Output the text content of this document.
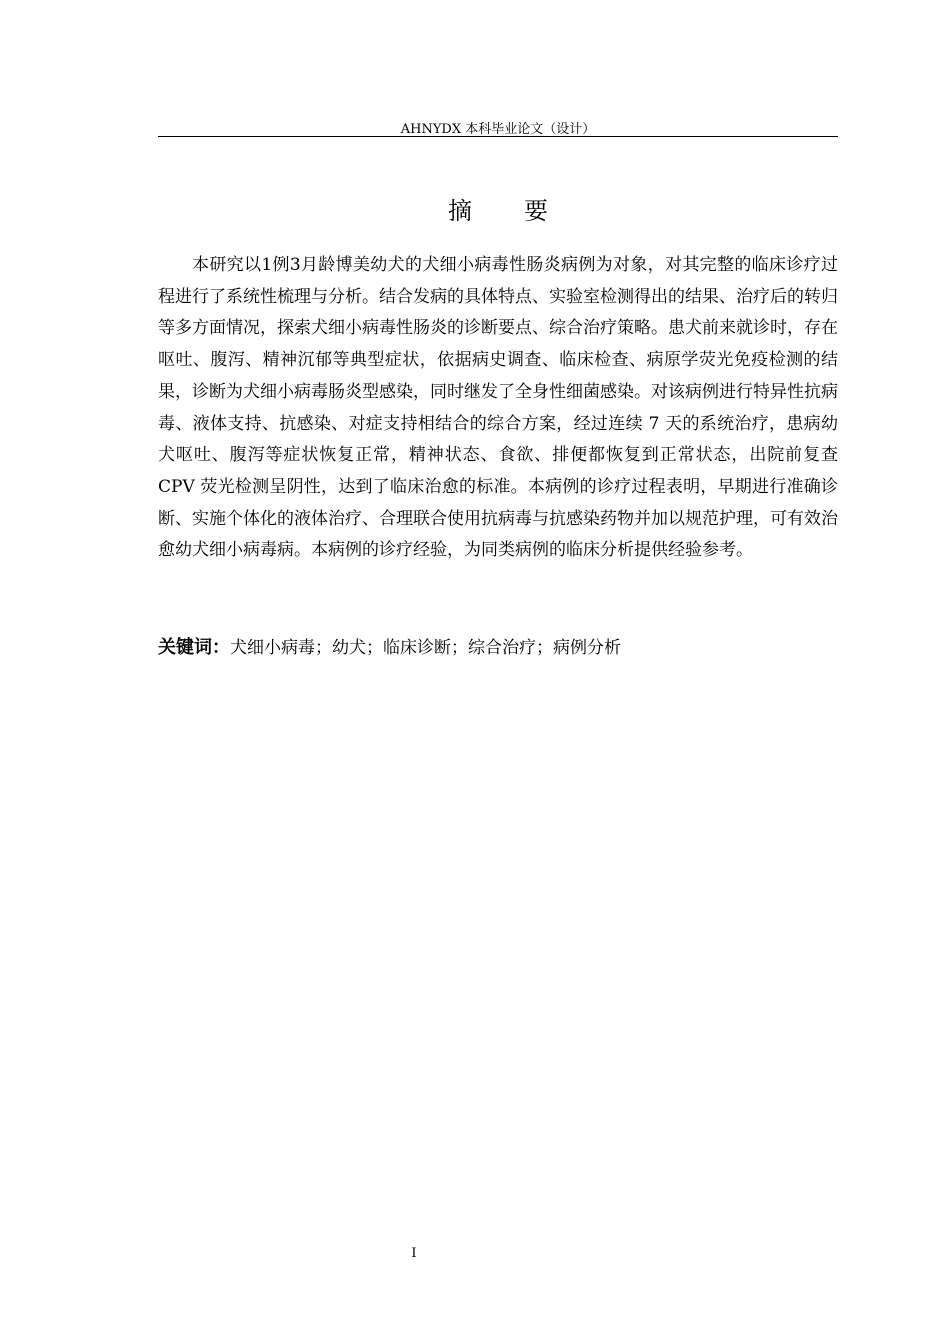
AHNYDX 本科毕业论文（设计）
摘　要

本研究以1例3月龄博美幼犬的犬细小病毒性肠炎病例为对象，对其完整的临床诊疗过程进行了系统性梳理与分析。结合发病的具体特点、实验室检测得出的结果、治疗后的转归等多方面情况，探索犬细小病毒性肠炎的诊断要点、综合治疗策略。患犬前来就诊时，存在呕吐、腹泻、精神沉郁等典型症状，依据病史调查、临床检查、病原学荧光免疫检测的结果，诊断为犬细小病毒肠炎型感染，同时继发了全身性细菌感染。对该病例进行特异性抗病毒、液体支持、抗感染、对症支持相结合的综合方案，经过连续 7 天的系统治疗，患病幼犬呕吐、腹泻等症状恢复正常，精神状态、食欲、排便都恢复到正常状态，出院前复查 CPV 荧光检测呈阴性，达到了临床治愈的标准。本病例的诊疗过程表明，早期进行准确诊断、实施个体化的液体治疗、合理联合使用抗病毒与抗感染药物并加以规范护理，可有效治愈幼犬细小病毒病。本病例的诊疗经验，为同类病例的临床分析提供经验参考。

关键词：犬细小病毒；幼犬；临床诊断；综合治疗；病例分析
I
